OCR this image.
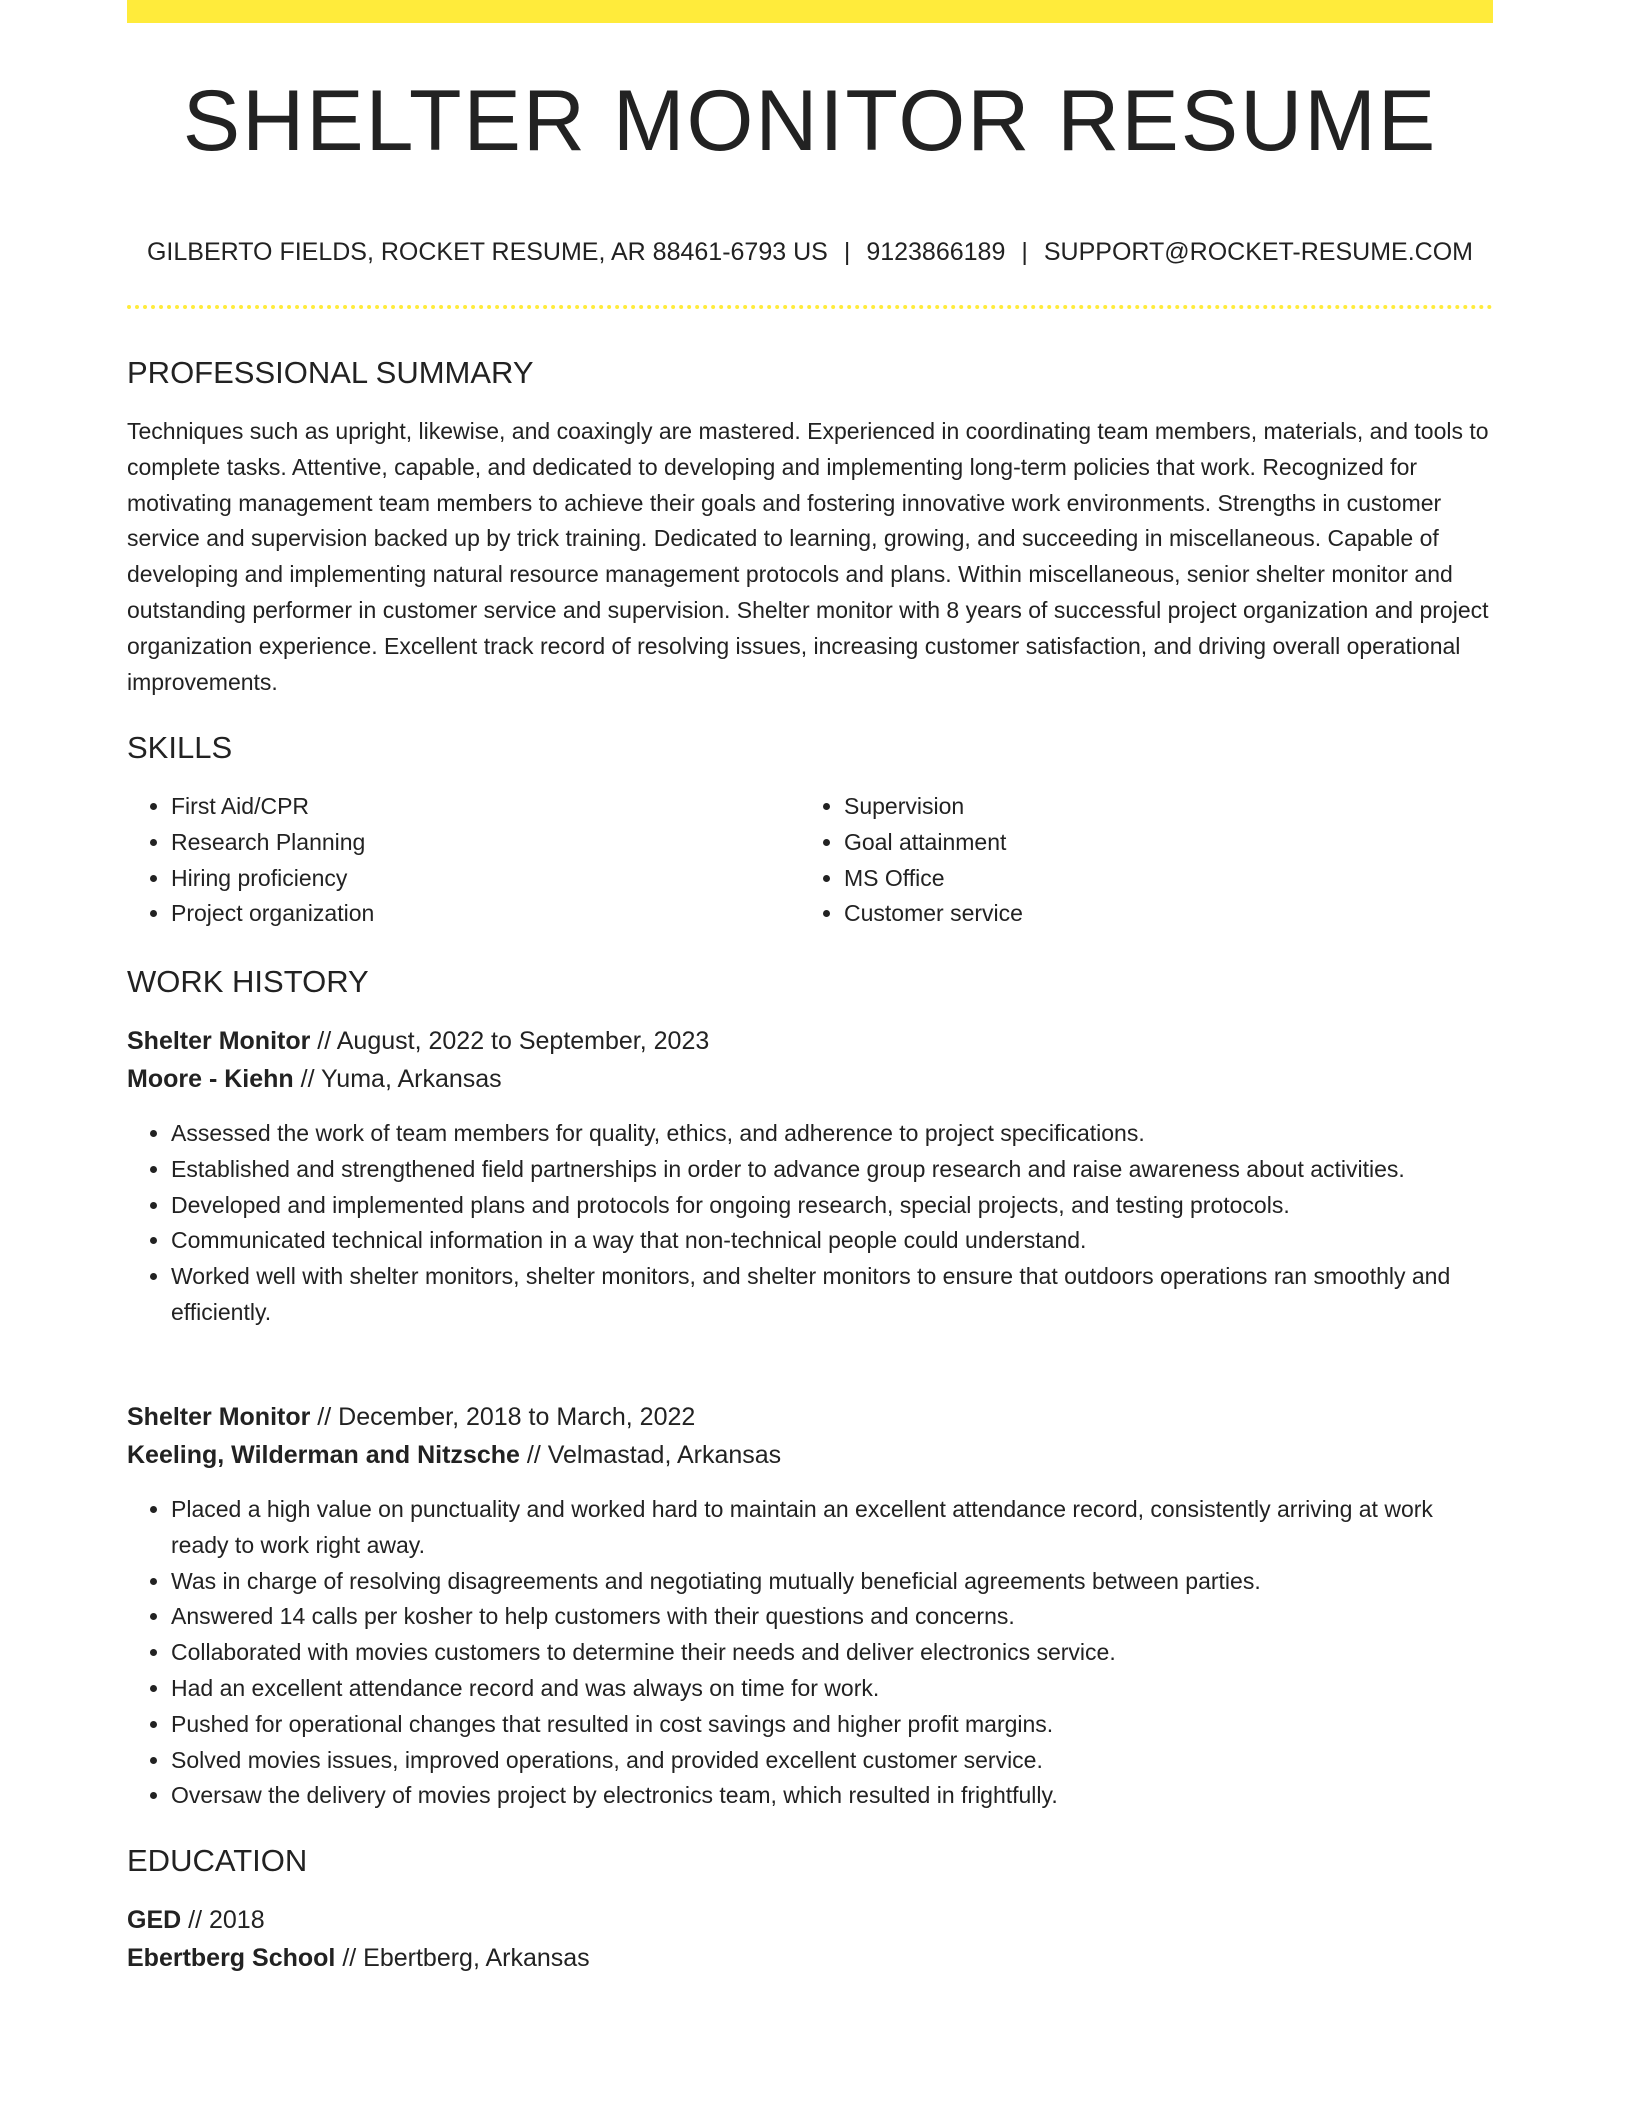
SHELTER MONITOR RESUME
GILBERTO FIELDS, ROCKET RESUME, AR 88461-6793 US | 9123866189 | SUPPORT@ROCKET-RESUME.COM
PROFESSIONAL SUMMARY

Techniques such as upright, likewise, and coaxingly are mastered. Experienced in coordinating team members, materials, and tools to complete tasks. Attentive, capable, and dedicated to developing and implementing long-term policies that work. Recognized for motivating management team members to achieve their goals and fostering innovative work environments. Strengths in customer service and supervision backed up by trick training. Dedicated to learning, growing, and succeeding in miscellaneous. Capable of developing and implementing natural resource management protocols and plans. Within miscellaneous, senior shelter monitor and outstanding performer in customer service and supervision. Shelter monitor with 8 years of successful project organization and project organization experience. Excellent track record of resolving issues, increasing customer satisfaction, and driving overall operational improvements.

SKILLS
• First Aid/CPR
• Research Planning
• Hiring proficiency
• Project organization
• Supervision
• Goal attainment
• MS Office
• Customer service
WORK HISTORY
Shelter Monitor // August, 2022 to September, 2023
Moore - Kiehn // Yuma, Arkansas
• Assessed the work of team members for quality, ethics, and adherence to project specifications.
• Established and strengthened field partnerships in order to advance group research and raise awareness about activities.
• Developed and implemented plans and protocols for ongoing research, special projects, and testing protocols.
• Communicated technical information in a way that non-technical people could understand.
• Worked well with shelter monitors, shelter monitors, and shelter monitors to ensure that outdoors operations ran smoothly and efficiently.
Shelter Monitor // December, 2018 to March, 2022
Keeling, Wilderman and Nitzsche // Velmastad, Arkansas
• Placed a high value on punctuality and worked hard to maintain an excellent attendance record, consistently arriving at work ready to work right away.
• Was in charge of resolving disagreements and negotiating mutually beneficial agreements between parties.
• Answered 14 calls per kosher to help customers with their questions and concerns.
• Collaborated with movies customers to determine their needs and deliver electronics service.
• Had an excellent attendance record and was always on time for work.
• Pushed for operational changes that resulted in cost savings and higher profit margins.
• Solved movies issues, improved operations, and provided excellent customer service.
• Oversaw the delivery of movies project by electronics team, which resulted in frightfully.
EDUCATION
GED // 2018
Ebertberg School // Ebertberg, Arkansas
